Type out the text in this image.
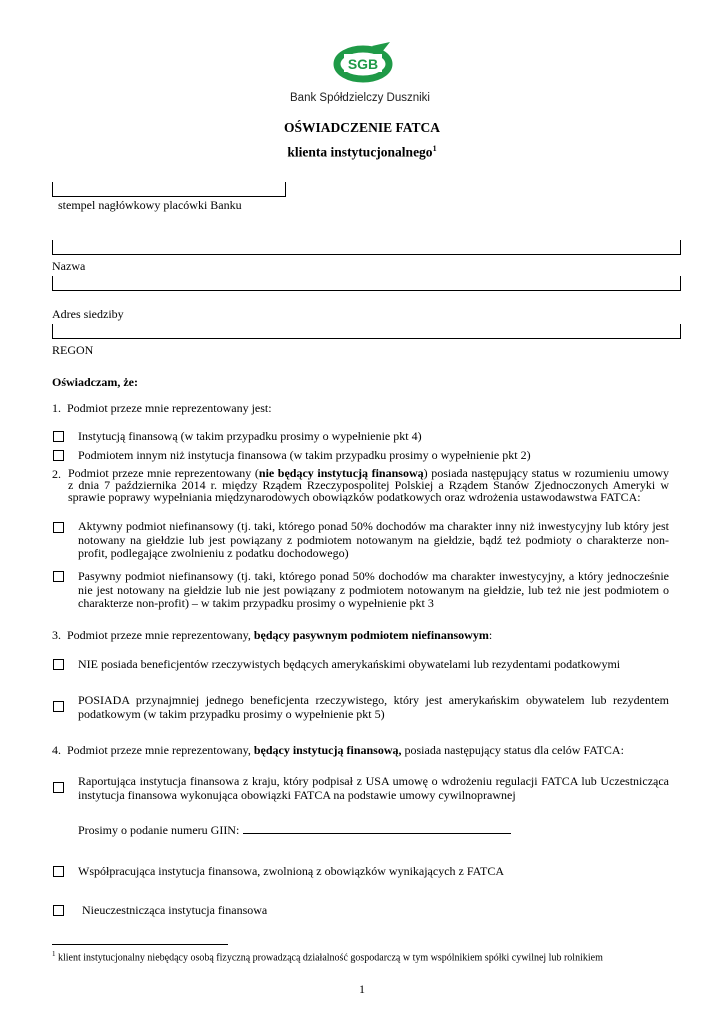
SGB
Bank Spółdzielczy Duszniki
OŚWIADCZENIE FATCA
klienta instytucjonalnego$^1$
stempel nagłówkowy placówki Banku
Nazwa
Adres siedziby
REGON
Oświadczam, że:
1. Podmiot przeze mnie reprezentowany jest:
Instytucją finansową (w takim przypadku prosimy o wypełnienie pkt 4)
Podmiotem innym niż instytucja finansowa (w takim przypadku prosimy o wypełnienie pkt 2)
2. Podmiot przeze mnie reprezentowany (nie będący instytucją finansową) posiada następujący status w rozumieniu umowy z dnia 7 października 2014 r. między Rządem Rzeczypospolitej Polskiej a Rządem Stanów Zjednoczonych Ameryki w sprawie poprawy wypełniania międzynarodowych obowiązków podatkowych oraz wdrożenia ustawodawstwa FATCA:
Aktywny podmiot niefinansowy (tj. taki, którego ponad 50% dochodów ma charakter inny niż inwestycyjny lub który jest notowany na giełdzie lub jest powiązany z podmiotem notowanym na giełdzie, bądź też podmioty o charakterze non-profit, podlegające zwolnieniu z podatku dochodowego)
Pasywny podmiot niefinansowy (tj. taki, którego ponad 50% dochodów ma charakter inwestycyjny, a który jednocześnie nie jest notowany na giełdzie lub nie jest powiązany z podmiotem notowanym na giełdzie, lub też nie jest podmiotem o charakterze non-profit) – w takim przypadku prosimy o wypełnienie pkt 3
3. Podmiot przeze mnie reprezentowany, będący pasywnym podmiotem niefinansowym:
NIE posiada beneficjentów rzeczywistych będących amerykańskimi obywatelami lub rezydentami podatkowymi
POSIADA przynajmniej jednego beneficjenta rzeczywistego, który jest amerykańskim obywatelem lub rezydentem podatkowym (w takim przypadku prosimy o wypełnienie pkt 5)
4. Podmiot przeze mnie reprezentowany, będący instytucją finansową, posiada następujący status dla celów FATCA:
Raportująca instytucja finansowa z kraju, który podpisał z USA umowę o wdrożeniu regulacji FATCA lub Uczestnicząca instytucja finansowa wykonująca obowiązki FATCA na podstawie umowy cywilnoprawnej
Prosimy o podanie numeru GIIN:
Współpracująca instytucja finansowa, zwolnioną z obowiązków wynikających z FATCA
Nieuczestnicząca instytucja finansowa
$^1$ klient instytucjonalny niebędący osobą fizyczną prowadzącą działalność gospodarczą w tym wspólnikiem spółki cywilnej lub rolnikiem
1
